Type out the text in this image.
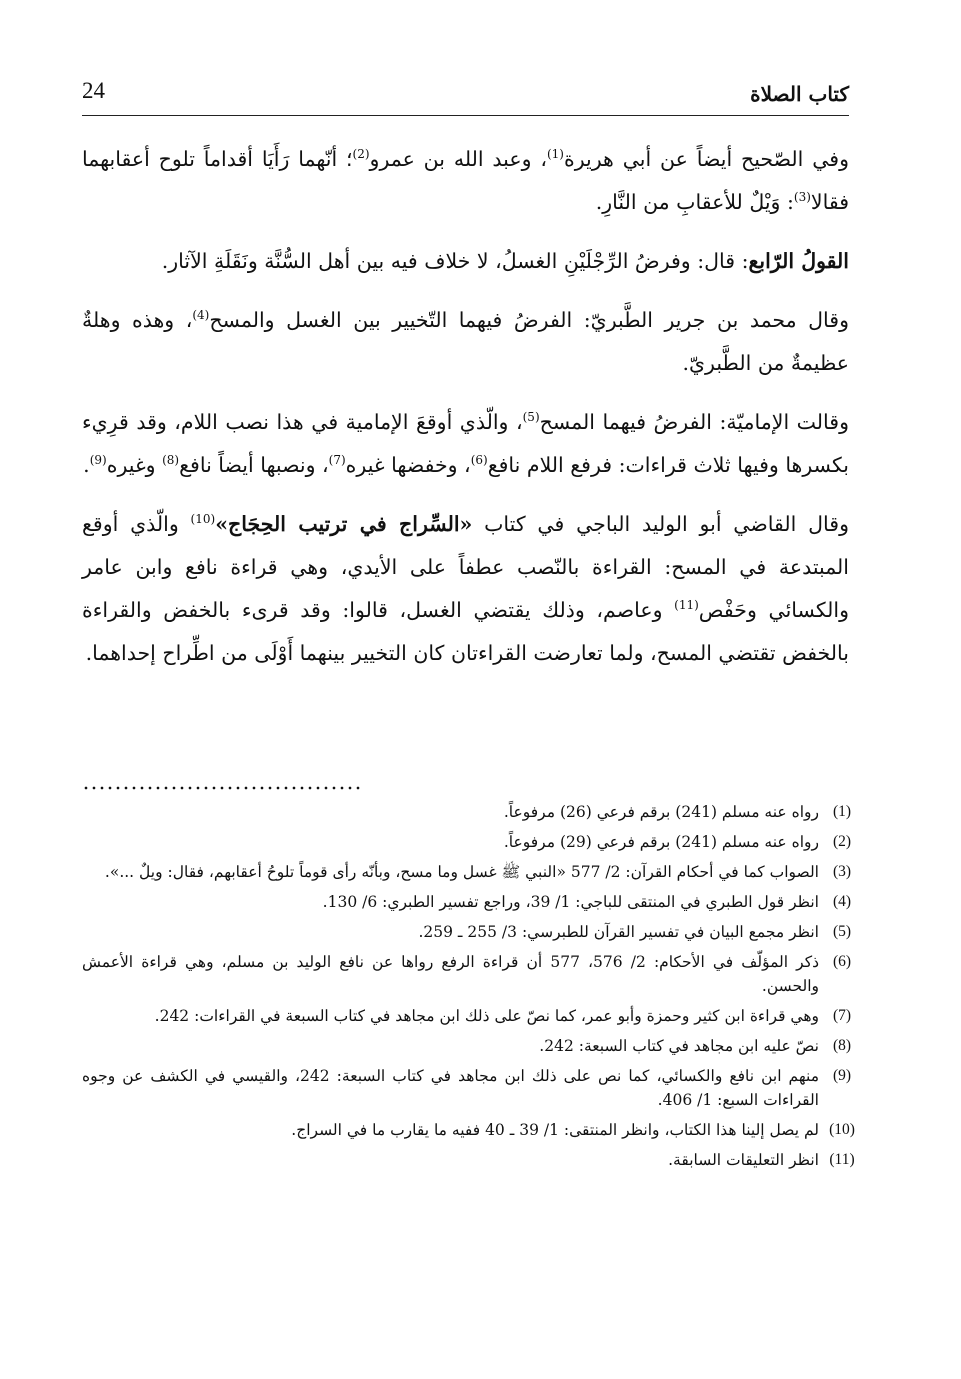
24	كتاب الصلاة

وفي الصّحيح أيضاً عن أبي هريرة$^{(1)}$، وعبد الله بن عمرو$^{(2)}$؛ أنّهما رَأَيَا أقداماً تلوح أعقابهما فقالا$^{(3)}$: وَيْلٌ للأعقابِ من النَّارِ.

القولُ الرّابع: قال: وفرضُ الرِّجْلَيْنِ الغسلُ، لا خلاف فيه بين أهل السُّنَّة ونَقَلَةِ الآثار.

وقال محمد بن جرير الطَّبريّ: الفرضُ فيهما التّخيير بين الغسل والمسح$^{(4)}$، وهذه وهلةٌ عظيمةٌ من الطَّبريّ.

وقالت الإماميّة: الفرضُ فيهما المسح$^{(5)}$، والّذي أوقعَ الإمامية في هذا نصب اللام، وقد قرِيء بكسرها وفيها ثلاث قراءات: فرفع اللام نافع$^{(6)}$، وخفضها غيره$^{(7)}$، ونصبها أيضاً نافع$^{(8)}$ وغيره$^{(9)}$.

وقال القاضي أبو الوليد الباجي في كتاب «السِّراج في ترتيب الحِجَاج»$^{(10)}$ والّذي أوقع المبتدعة في المسح: القراءة بالنّصب عطفاً على الأيدي، وهي قراءة نافع وابن عامر والكسائي وحَفْص$^{(11)}$ وعاصم، وذلك يقتضي الغسل، قالوا: وقد قرىء بالخفض والقراءة بالخفض تقتضي المسح، ولما تعارضت القراءتان كان التخيير بينهما أَوْلَى من اطِّراح إحداهما.

(1)
رواه عنه مسلم (241) برقم فرعي (26) مرفوعاً.
(2)
رواه عنه مسلم (241) برقم فرعي (29) مرفوعاً.
(3)
الصواب كما في أحكام القرآن: 2/ 577 «النبي ﷺ غسل وما مسح، وبأنّه رأى قوماً تلوحُ أعقابهم، فقال: ويلٌ ...».
(4)
انظر قول الطبري في المنتقى للباجي: 1/ 39، وراجع تفسير الطبري: 6/ 130.
(5)
انظر مجمع البيان في تفسير القرآن للطبرسي: 3/ 255 ـ 259.
(6)
ذكر المؤلّف في الأحكام: 2/ 576، 577 أن قراءة الرفع رواها عن نافع الوليد بن مسلم، وهي قراءة الأعمش والحسن.
(7)
وهي قراءة ابن كثير وحمزة وأبو عمر، كما نصّ على ذلك ابن مجاهد في كتاب السبعة في القراءات: 242.
(8)
نصّ عليه ابن مجاهد في كتاب السبعة: 242.
(9)
منهم ابن نافع والكسائي، كما نص على ذلك ابن مجاهد في كتاب السبعة: 242، والقيسي في الكشف عن وجوه القراءات السبع: 1/ 406.
(10)
لم يصل إلينا هذا الكتاب، وانظر المنتقى: 1/ 39 ـ 40 ففيه ما يقارب ما في السراج.
(11)
انظر التعليقات السابقة.
